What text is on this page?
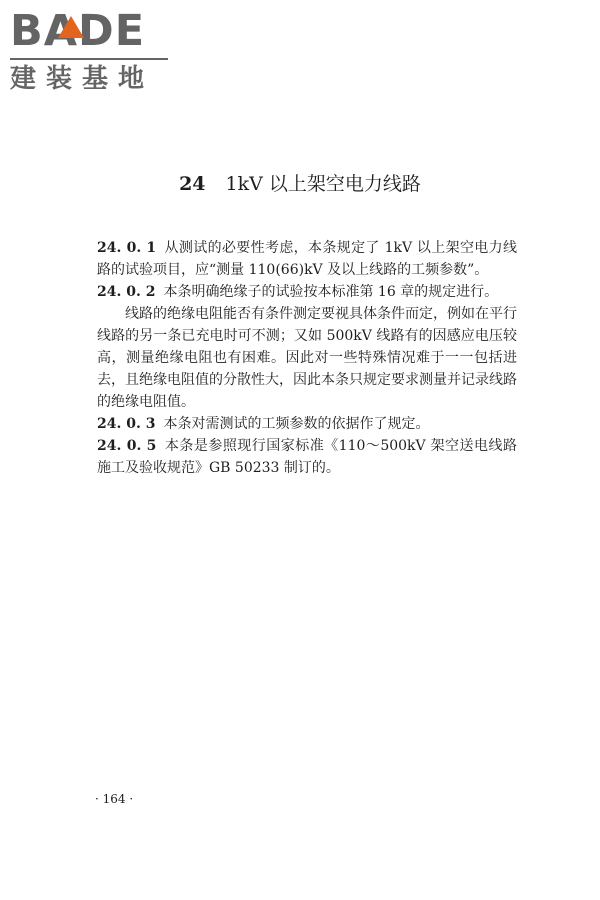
BADE
建装基地
24 1kV 以上架空电力线路

24. 0. 1 从测试的必要性考虑，本条规定了 1kV 以上架空电力线路的试验项目，应“测量 110(66)kV 及以上线路的工频参数”。

24. 0. 2 本条明确绝缘子的试验按本标准第 16 章的规定进行。

线路的绝缘电阻能否有条件测定要视具体条件而定，例如在平行线路的另一条已充电时可不测；又如 500kV 线路有的因感应电压较高，测量绝缘电阻也有困难。因此对一些特殊情况难于一一包括进去，且绝缘电阻值的分散性大，因此本条只规定要求测量并记录线路的绝缘电阻值。

24. 0. 3 本条对需测试的工频参数的依据作了规定。

24. 0. 5 本条是参照现行国家标准《110～500kV 架空送电线路施工及验收规范》GB 50233 制订的。

· 164 ·
